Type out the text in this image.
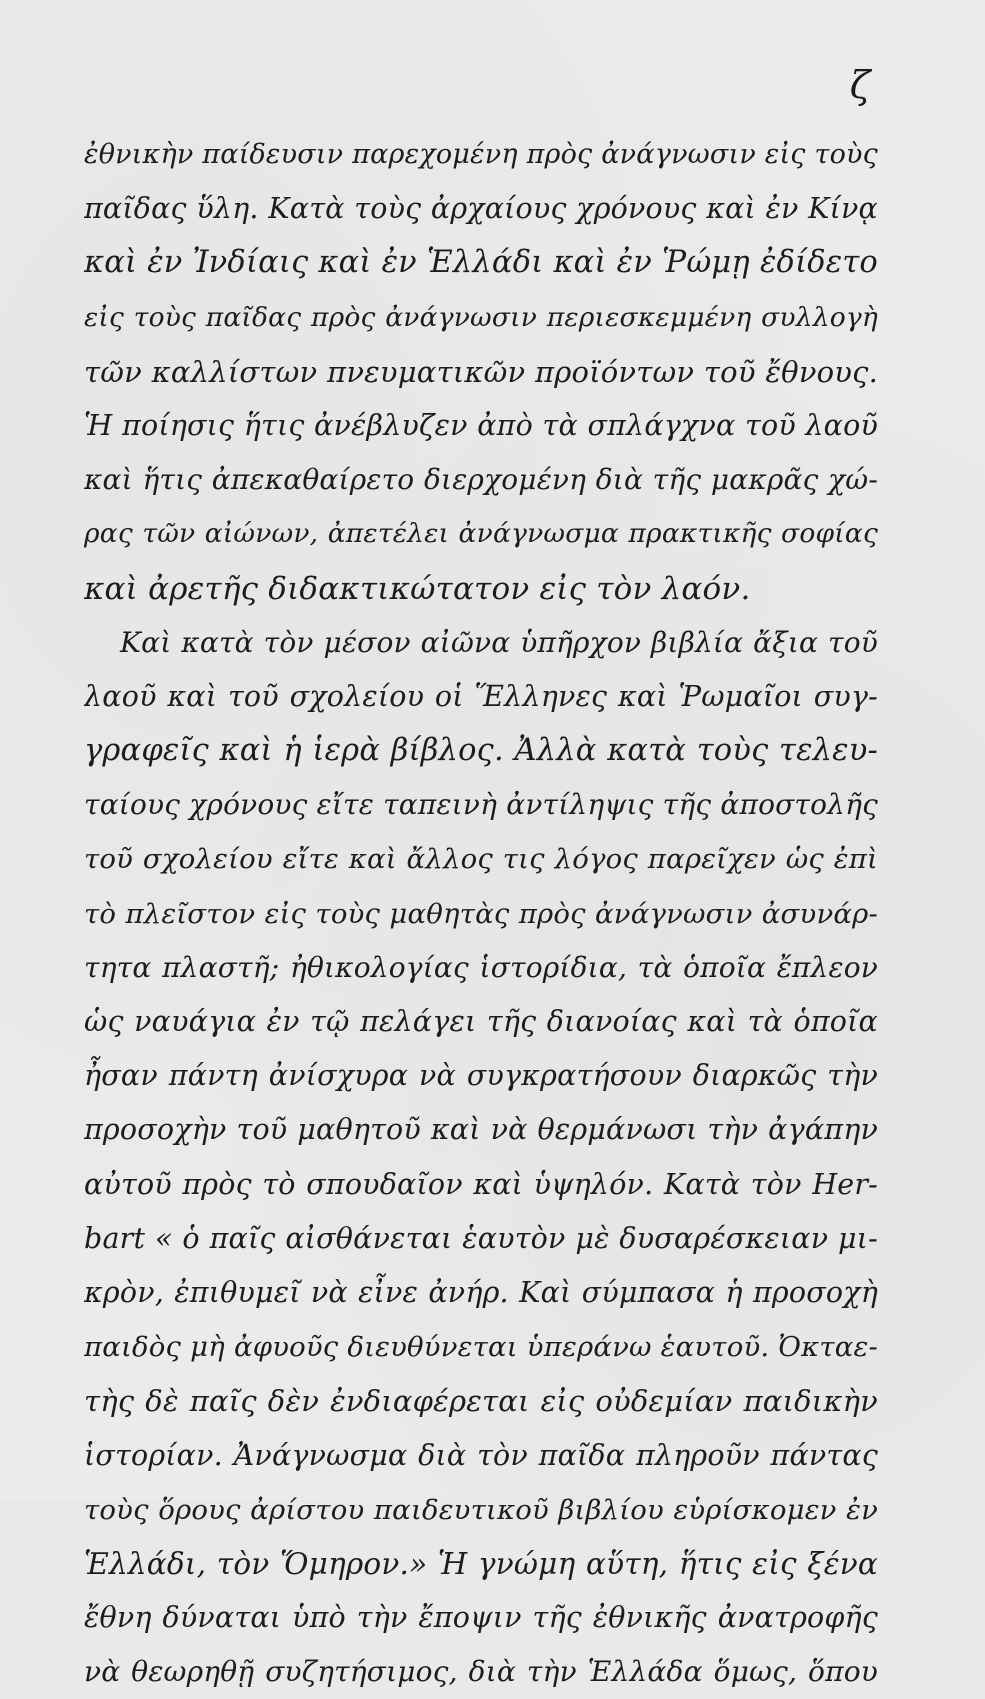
ζ
ἐθνικὴν παίδευσιν παρεχομένη πρὸς ἀνάγνωσιν εἰς τοὺς
παῖδας ὕλη. Κατὰ τοὺς ἀρχαίους χρόνους καὶ ἐν Κίνᾳ
καὶ ἐν Ἰνδίαις καὶ ἐν Ἑλλάδι καὶ ἐν Ῥώμῃ ἐδίδετο
εἰς τοὺς παῖδας πρὸς ἀνάγνωσιν περιεσκεμμένη συλλογὴ
τῶν καλλίστων πνευματικῶν προϊόντων τοῦ ἔθνους.
Ἡ ποίησις ἥτις ἀνέβλυζεν ἀπὸ τὰ σπλάγχνα τοῦ λαοῦ
καὶ ἥτις ἀπεκαθαίρετο διερχομένη διὰ τῆς μακρᾶς χώ-
ρας τῶν αἰώνων, ἀπετέλει ἀνάγνωσμα πρακτικῆς σοφίας
καὶ ἀρετῆς διδακτικώτατον εἰς τὸν λαόν.
Καὶ κατὰ τὸν μέσον αἰῶνα ὑπῆρχον βιβλία ἄξια τοῦ
λαοῦ καὶ τοῦ σχολείου οἱ Ἕλληνες καὶ Ῥωμαῖοι συγ-
γραφεῖς καὶ ἡ ἱερὰ βίβλος. Ἀλλὰ κατὰ τοὺς τελευ-
ταίους χρόνους εἴτε ταπεινὴ ἀντίληψις τῆς ἀποστολῆς
τοῦ σχολείου εἴτε καὶ ἄλλος τις λόγος παρεῖχεν ὡς ἐπὶ
τὸ πλεῖστον εἰς τοὺς μαθητὰς πρὸς ἀνάγνωσιν ἀσυνάρ-
τητα πλαστῆ; ἠθικολογίας ἱστορίδια, τὰ ὁποῖα ἔπλεον
ὡς ναυάγια ἐν τῷ πελάγει τῆς διανοίας καὶ τὰ ὁποῖα
ἦσαν πάντη ἀνίσχυρα νὰ συγκρατήσουν διαρκῶς τὴν
προσοχὴν τοῦ μαθητοῦ καὶ νὰ θερμάνωσι τὴν ἀγάπην
αὐτοῦ πρὸς τὸ σπουδαῖον καὶ ὑψηλόν. Κατὰ τὸν Her-
bart « ὁ παῖς αἰσθάνεται ἑαυτὸν μὲ δυσαρέσκειαν μι-
κρὸν, ἐπιθυμεῖ νὰ εἶνε ἀνήρ. Καὶ σύμπασα ἡ προσοχὴ
παιδὸς μὴ ἀφυοῦς διευθύνεται ὑπεράνω ἑαυτοῦ. Ὀκταε-
τὴς δὲ παῖς δὲν ἐνδιαφέρεται εἰς οὐδεμίαν παιδικὴν
ἱστορίαν. Ἀνάγνωσμα διὰ τὸν παῖδα πληροῦν πάντας
τοὺς ὅρους ἀρίστου παιδευτικοῦ βιβλίου εὑρίσκομεν ἐν
Ἑλλάδι, τὸν Ὅμηρον.» Ἡ γνώμη αὕτη, ἥτις εἰς ξένα
ἔθνη δύναται ὑπὸ τὴν ἔποψιν τῆς ἐθνικῆς ἀνατροφῆς
νὰ θεωρηθῇ συζητήσιμος, διὰ τὴν Ἑλλάδα ὅμως, ὅπου
